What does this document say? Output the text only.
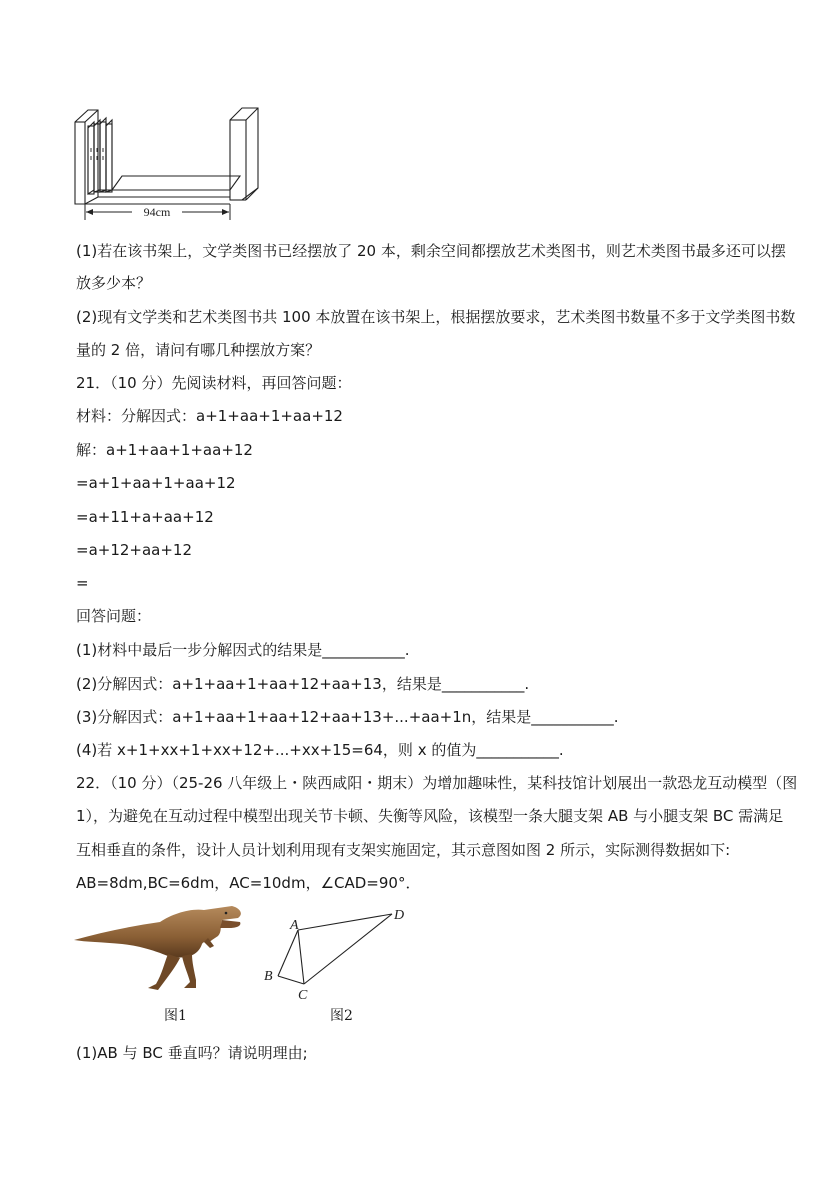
94cm
(1)若在该书架上，文学类图书已经摆放了 20 本，剩余空间都摆放艺术类图书，则艺术类图书最多还可以摆
放多少本？
(2)现有文学类和艺术类图书共 100 本放置在该书架上，根据摆放要求，艺术类图书数量不多于文学类图书数
量的 2 倍，请问有哪几种摆放方案？
21．（10 分）先阅读材料，再回答问题：
材料：分解因式：a+1+aa+1+aa+12
解：a+1+aa+1+aa+12
=a+1+aa+1+aa+12
=a+11+a+aa+12
=a+12+aa+12
=
回答问题：
(1)材料中最后一步分解因式的结果是___________.
(2)分解因式：a+1+aa+1+aa+12+aa+13，结果是___________.
(3)分解因式：a+1+aa+1+aa+12+aa+13+...+aa+1n，结果是___________.
(4)若 x+1+xx+1+xx+12+...+xx+15=64，则 x 的值为___________.
22．（10 分）（25-26 八年级上・陕西咸阳・期末）为增加趣味性，某科技馆计划展出一款恐龙互动模型（图
1），为避免在互动过程中模型出现关节卡顿、失衡等风险，该模型一条大腿支架 AB 与小腿支架 BC 需满足
互相垂直的条件，设计人员计划利用现有支架实施固定，其示意图如图 2 所示，实际测得数据如下:
AB=8dm,BC=6dm，AC=10dm，∠CAD=90°．
A
B
C
D
图1	图2
(1)AB 与 BC 垂直吗？请说明理由;
